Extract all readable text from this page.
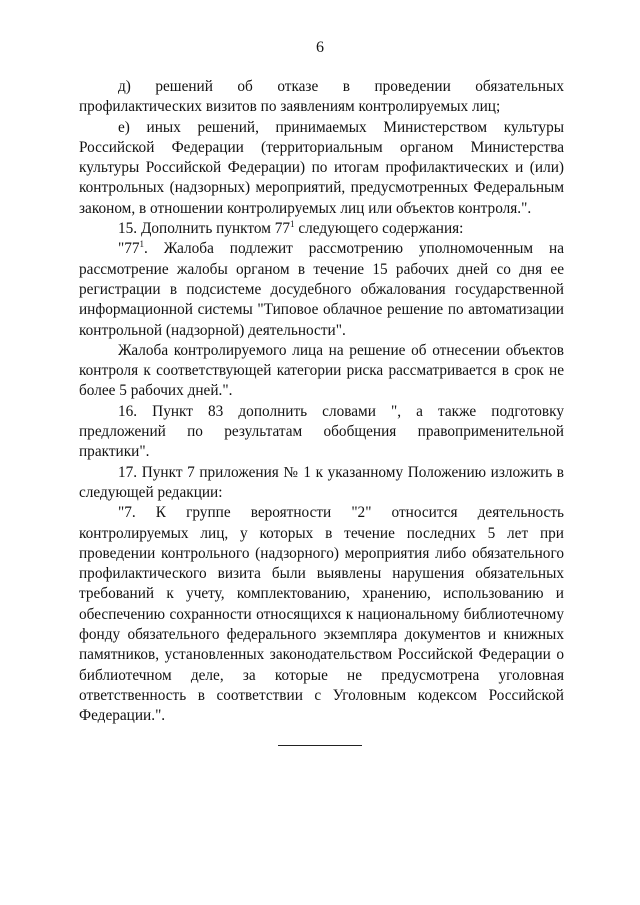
6

д) решений об отказе в проведении обязательных профилактических визитов по заявлениям контролируемых лиц;

е) иных решений, принимаемых Министерством культуры Российской Федерации (территориальным органом Министерства культуры Российской Федерации) по итогам профилактических и (или) контрольных (надзорных) мероприятий, предусмотренных Федеральным законом, в отношении контролируемых лиц или объектов контроля.".

15. Дополнить пунктом $77^1$ следующего содержания:

"$77^1$. Жалоба подлежит рассмотрению уполномоченным на рассмотрение жалобы органом в течение 15 рабочих дней со дня ее регистрации в подсистеме досудебного обжалования государственной информационной системы "Типовое облачное решение по автоматизации контрольной (надзорной) деятельности".

Жалоба контролируемого лица на решение об отнесении объектов контроля к соответствующей категории риска рассматривается в срок не более 5 рабочих дней.".

16. Пункт 83 дополнить словами ", а также подготовку предложений по результатам обобщения правоприменительной практики".

17. Пункт 7 приложения № 1 к указанному Положению изложить в следующей редакции:

"7. К группе вероятности "2" относится деятельность контролируемых лиц, у которых в течение последних 5 лет при проведении контрольного (надзорного) мероприятия либо обязательного профилактического визита были выявлены нарушения обязательных требований к учету, комплектованию, хранению, использованию и обеспечению сохранности относящихся к национальному библиотечному фонду обязательного федерального экземпляра документов и книжных памятников, установленных законодательством Российской Федерации о библиотечном деле, за которые не предусмотрена уголовная ответственность в соответствии с Уголовным кодексом Российской Федерации.".
